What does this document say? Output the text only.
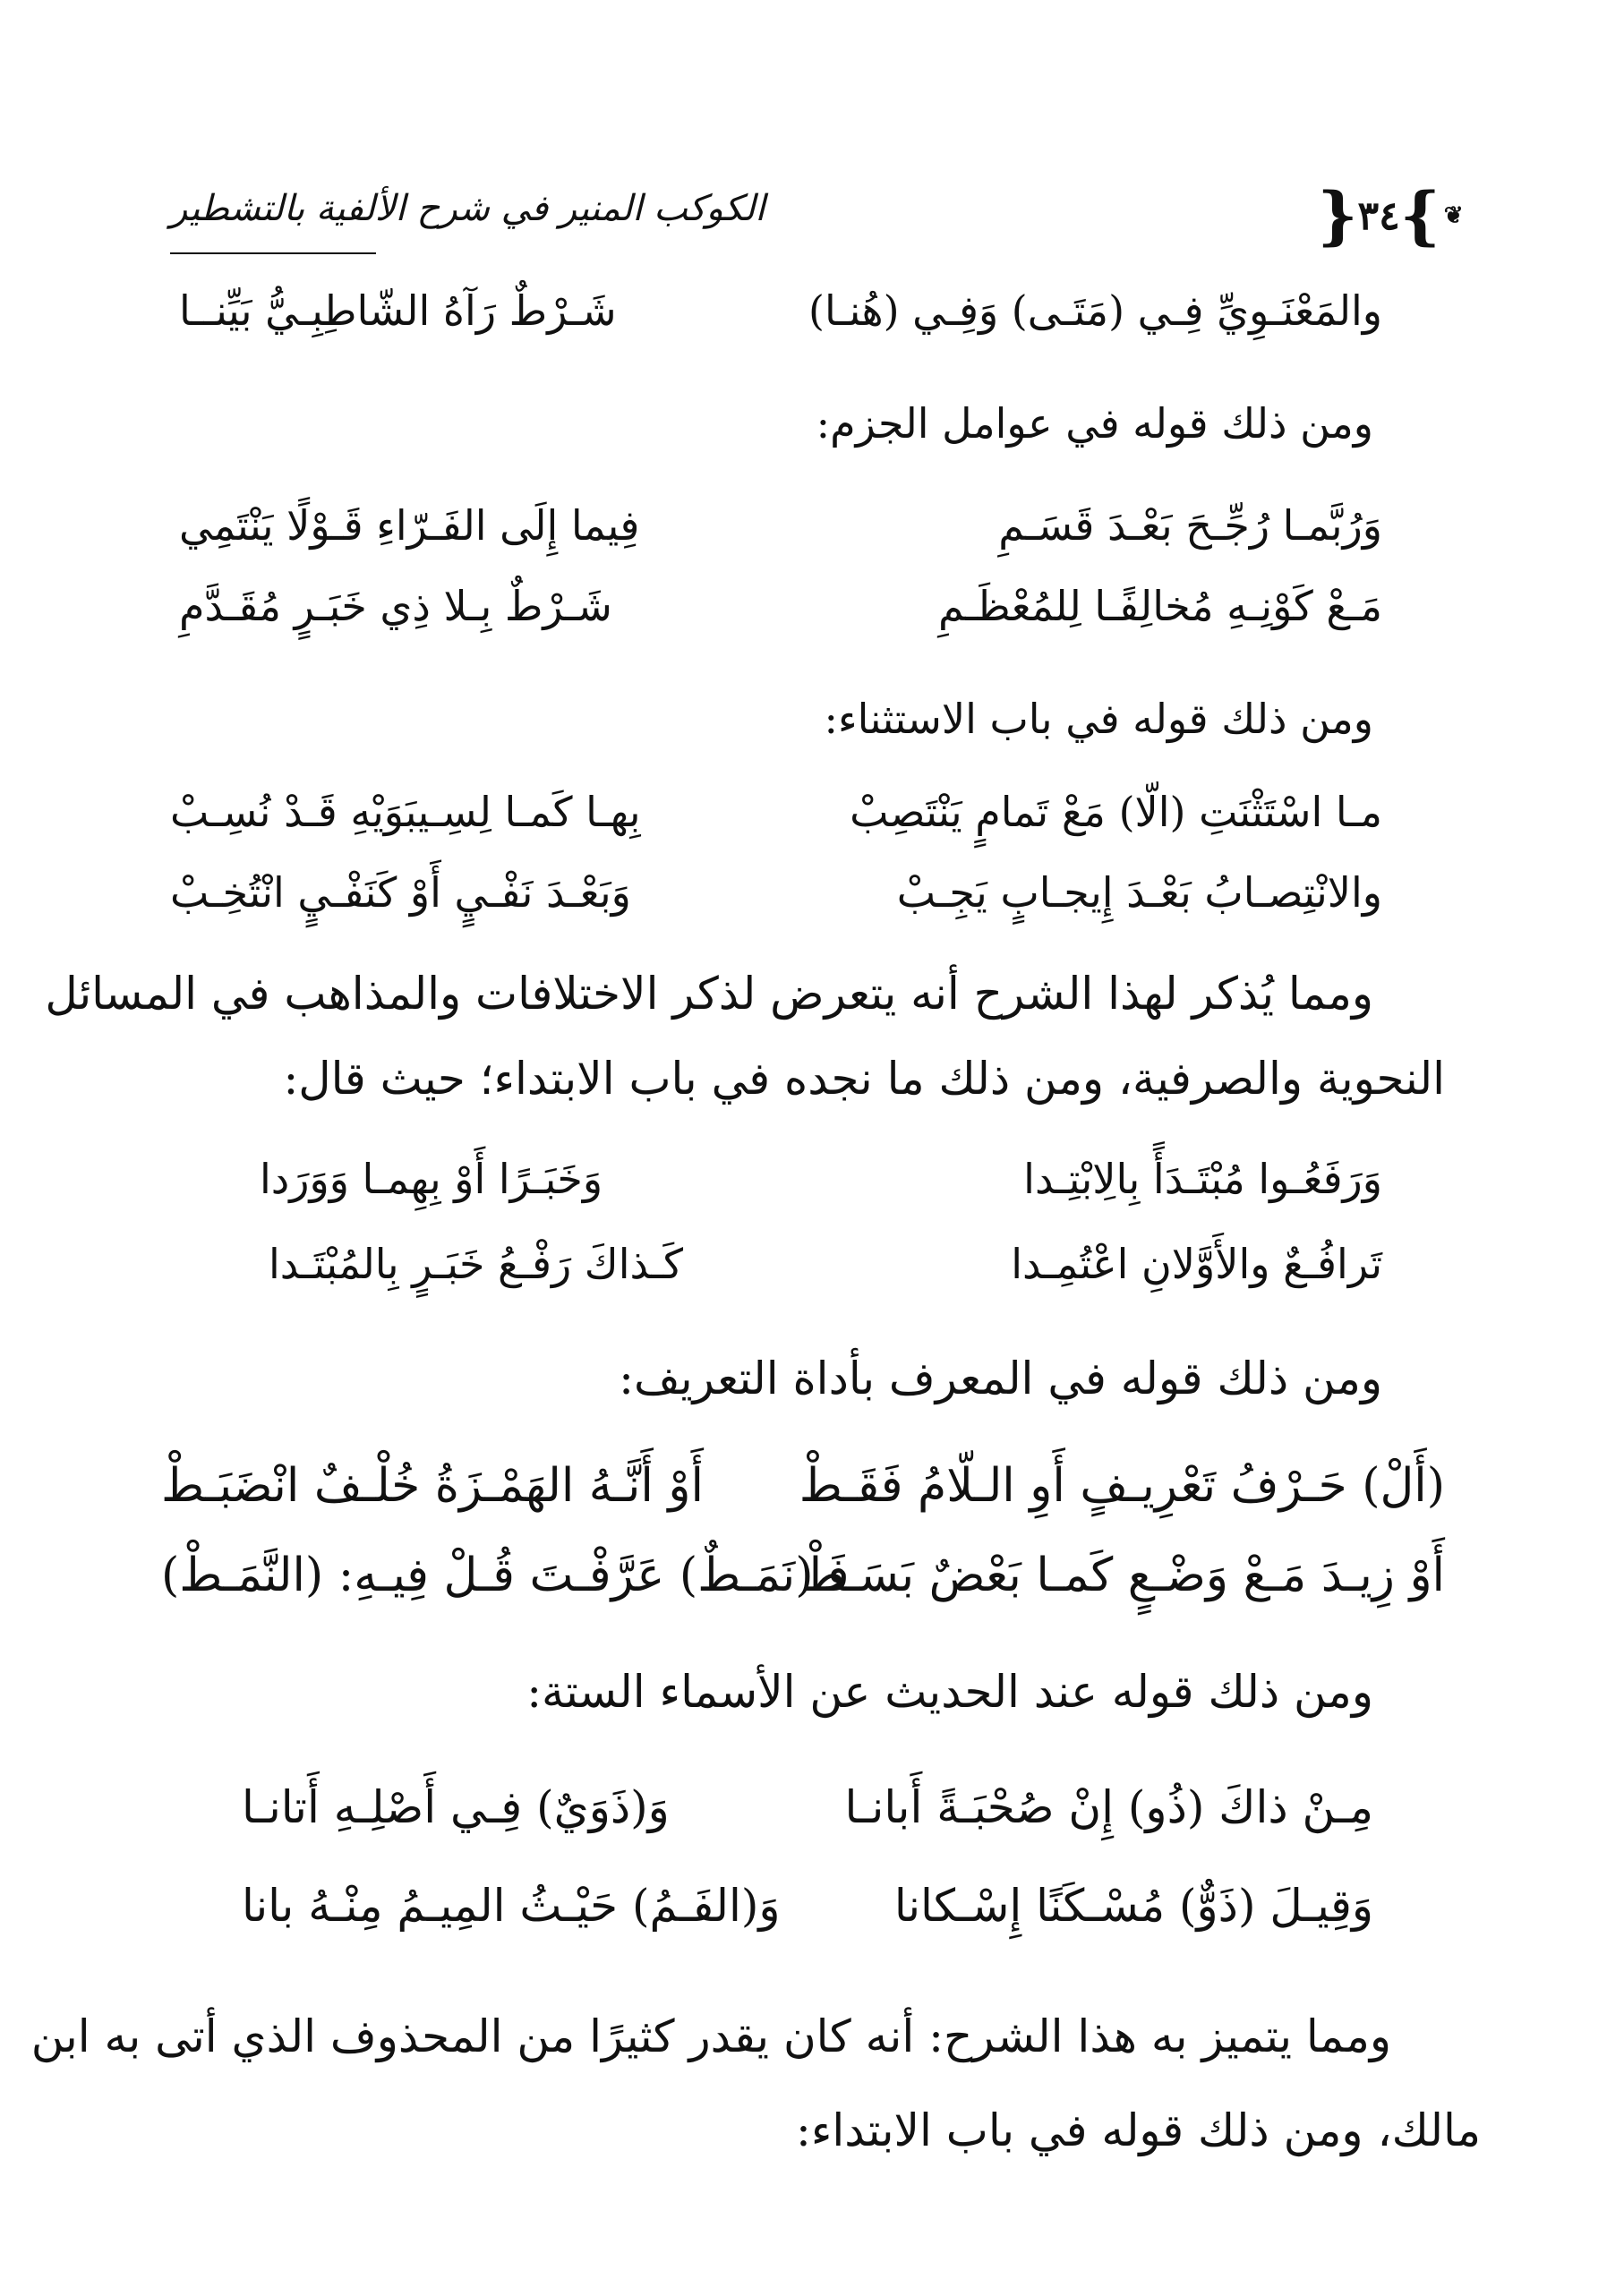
❦
}
٣٤
{
الكوكب المنير في شرح الألفية بالتشطير
والمَعْنَـوِيِّ فِـي (مَتَـى) وَفِـي (هُنـا)
شَـرْطٌ رَآهُ الشّاطِبِـيُّ بَيِّنــا
ومن ذلك قوله في عوامل الجزم:
وَرُبَّمـا رُجِّـحَ بَعْـدَ قَسَـمِ
فِيما إِلَى الفَـرّاءِ قَـوْلًا يَنْتَمِي
مَـعْ كَوْنِـهِ مُخالِفًـا لِلمُعْظَـمِ
شَـرْطٌ بِـلا ذِي خَبَـرٍ مُقَـدَّمِ
ومن ذلك قوله في باب الاستثناء:
مـا اسْتَثْنَتِ (الّا) مَعْ تَمامٍ يَنْتَصِبْ
بِهـا كَمـا لِسِـيبَوَيْهِ قَـدْ نُسِـبْ
والانْتِصـابُ بَعْـدَ إِيجـابٍ يَجِـبْ
وَبَعْـدَ نَفْـيٍ أَوْ كَنَفْـيٍ انْتُخِـبْ
ومما يُذكر لهذا الشرح أنه يتعرض لذكر الاختلافات والمذاهب في المسائل
النحوية والصرفية، ومن ذلك ما نجده في باب الابتداء؛ حيث قال:
وَرَفَعُـوا مُبْتَـدَأً بِالِابْتِـدا
وَخَبَـرًا أَوْ بِهِمـا وَوَرَدا
تَرافُـعٌ والأَوَّلانِ اعْتُمِـدا
كَـذاكَ رَفْـعُ خَبَـرٍ بِالمُبْتَـدا
ومن ذلك قوله في المعرف بأداة التعريف:
(أَلْ) حَـرْفُ تَعْرِيـفٍ أَوِ الـلّامُ فَقَـطْ
أَوْ أَنَّـهُ الهَمْـزَةُ خُلْـفٌ انْضَبَـطْ
أَوْ زِيـدَ مَـعْ وَضْـعٍ كَمـا بَعْضٌ بَسَـطْ
فَـ(نَمَـطٌ) عَرَّفْـتَ قُـلْ فِيـهِ: (النَّمَـطْ)
ومن ذلك قوله عند الحديث عن الأسماء الستة:
مِـنْ ذاكَ (ذُو) إِنْ صُحْبَـةً أَبانـا
وَ(ذَوَيٌ) فِـي أَصْلِـهِ أَتانـا
وَقِيـلَ (ذَوٌّ) مُسْـكَنًا إِسْـكانا
وَ(الفَـمُ) حَيْـثُ المِيـمُ مِنْـهُ بانا
ومما يتميز به هذا الشرح: أنه كان يقدر كثيرًا من المحذوف الذي أتى به ابن
مالك، ومن ذلك قوله في باب الابتداء:
